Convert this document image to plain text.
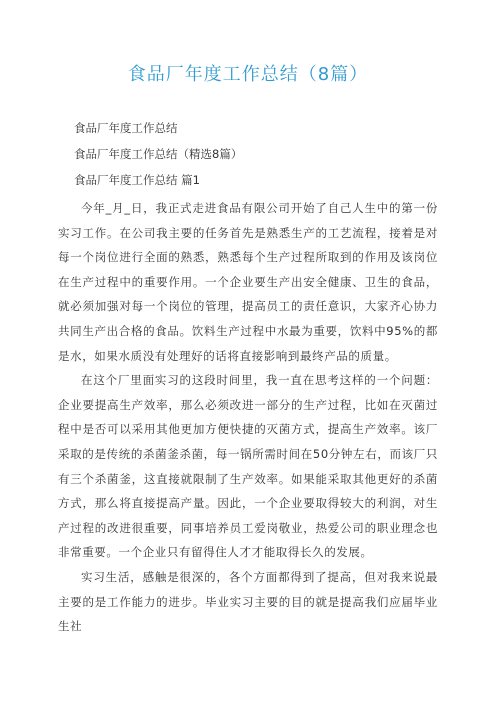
食品厂年度工作总结（8篇）
食品厂年度工作总结
食品厂年度工作总结（精选8篇）
食品厂年度工作总结 篇1

今年_月_日，我正式走进食品有限公司开始了自己人生中的第一份实习工作。在公司我主要的任务首先是熟悉生产的工艺流程，接着是对每一个岗位进行全面的熟悉，熟悉每个生产过程所取到的作用及该岗位在生产过程中的重要作用。一个企业要生产出安全健康、卫生的食品，就必须加强对每一个岗位的管理，提高员工的责任意识，大家齐心协力共同生产出合格的食品。饮料生产过程中水最为重要，饮料中95%的都是水，如果水质没有处理好的话将直接影响到最终产品的质量。

在这个厂里面实习的这段时间里，我一直在思考这样的一个问题：企业要提高生产效率，那么必须改进一部分的生产过程，比如在灭菌过程中是否可以采用其他更加方便快捷的灭菌方式，提高生产效率。该厂采取的是传统的杀菌釜杀菌，每一锅所需时间在50分钟左右，而该厂只有三个杀菌釜，这直接就限制了生产效率。如果能采取其他更好的杀菌方式，那么将直接提高产量。因此，一个企业要取得较大的利润，对生产过程的改进很重要，同事培养员工爱岗敬业，热爱公司的职业理念也非常重要。一个企业只有留得住人才才能取得长久的发展。

实习生活，感触是很深的，各个方面都得到了提高，但对我来说最主要的是工作能力的进步。毕业实习主要的目的就是提高我们应届毕业生社
